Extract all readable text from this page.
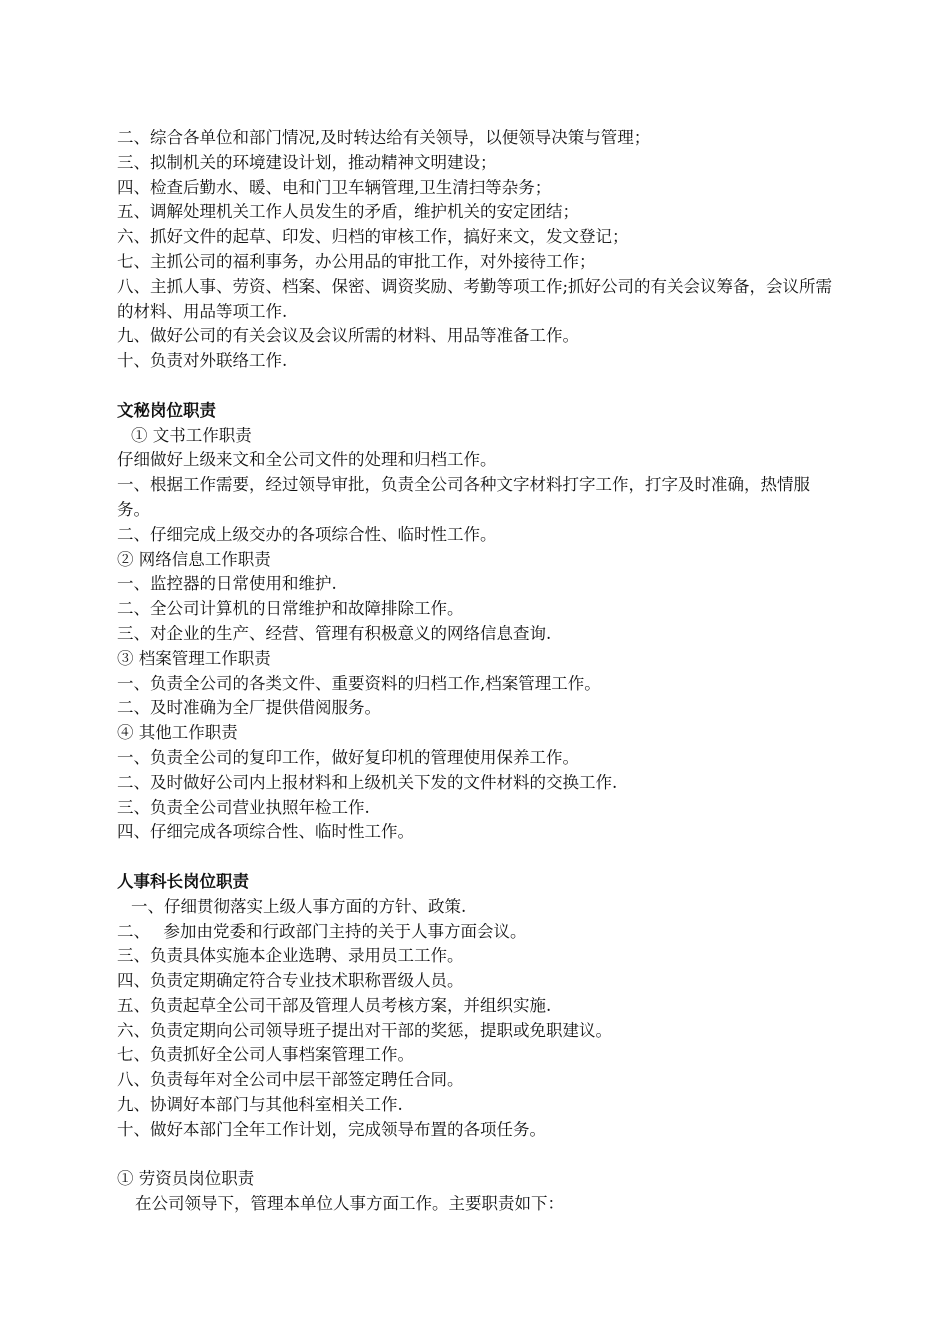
二、综合各单位和部门情况,及时转达给有关领导，以便领导决策与管理；

三、拟制机关的环境建设计划，推动精神文明建设；

四、检查后勤水、暖、电和门卫车辆管理,卫生清扫等杂务；

五、调解处理机关工作人员发生的矛盾，维护机关的安定团结；

六、抓好文件的起草、印发、归档的审核工作，搞好来文，发文登记；

七、主抓公司的福利事务，办公用品的审批工作，对外接待工作；

八、主抓人事、劳资、档案、保密、调资奖励、考勤等项工作;抓好公司的有关会议筹备，会议所需的材料、用品等项工作.

九、做好公司的有关会议及会议所需的材料、用品等准备工作。

十、负责对外联络工作.

文秘岗位职责

① 文书工作职责

仔细做好上级来文和全公司文件的处理和归档工作。

一、根据工作需要，经过领导审批，负责全公司各种文字材料打字工作，打字及时准确，热情服务。

二、仔细完成上级交办的各项综合性、临时性工作。

② 网络信息工作职责

一、监控器的日常使用和维护.

二、全公司计算机的日常维护和故障排除工作。

三、对企业的生产、经营、管理有积极意义的网络信息查询.

③ 档案管理工作职责

一、负责全公司的各类文件、重要资料的归档工作,档案管理工作。

二、及时准确为全厂提供借阅服务。

④ 其他工作职责

一、负责全公司的复印工作，做好复印机的管理使用保养工作。

二、及时做好公司内上报材料和上级机关下发的文件材料的交换工作.

三、负责全公司营业执照年检工作.

四、仔细完成各项综合性、临时性工作。

人事科长岗位职责

一、仔细贯彻落实上级人事方面的方针、政策.

二、　 参加由党委和行政部门主持的关于人事方面会议。

三、负责具体实施本企业选聘、录用员工工作。

四、负责定期确定符合专业技术职称晋级人员。

五、负责起草全公司干部及管理人员考核方案，并组织实施.

六、负责定期向公司领导班子提出对干部的奖惩，提职或免职建议。

七、负责抓好全公司人事档案管理工作。

八、负责每年对全公司中层干部签定聘任合同。

九、协调好本部门与其他科室相关工作.

十、做好本部门全年工作计划，完成领导布置的各项任务。

① 劳资员岗位职责

在公司领导下，管理本单位人事方面工作。主要职责如下：
